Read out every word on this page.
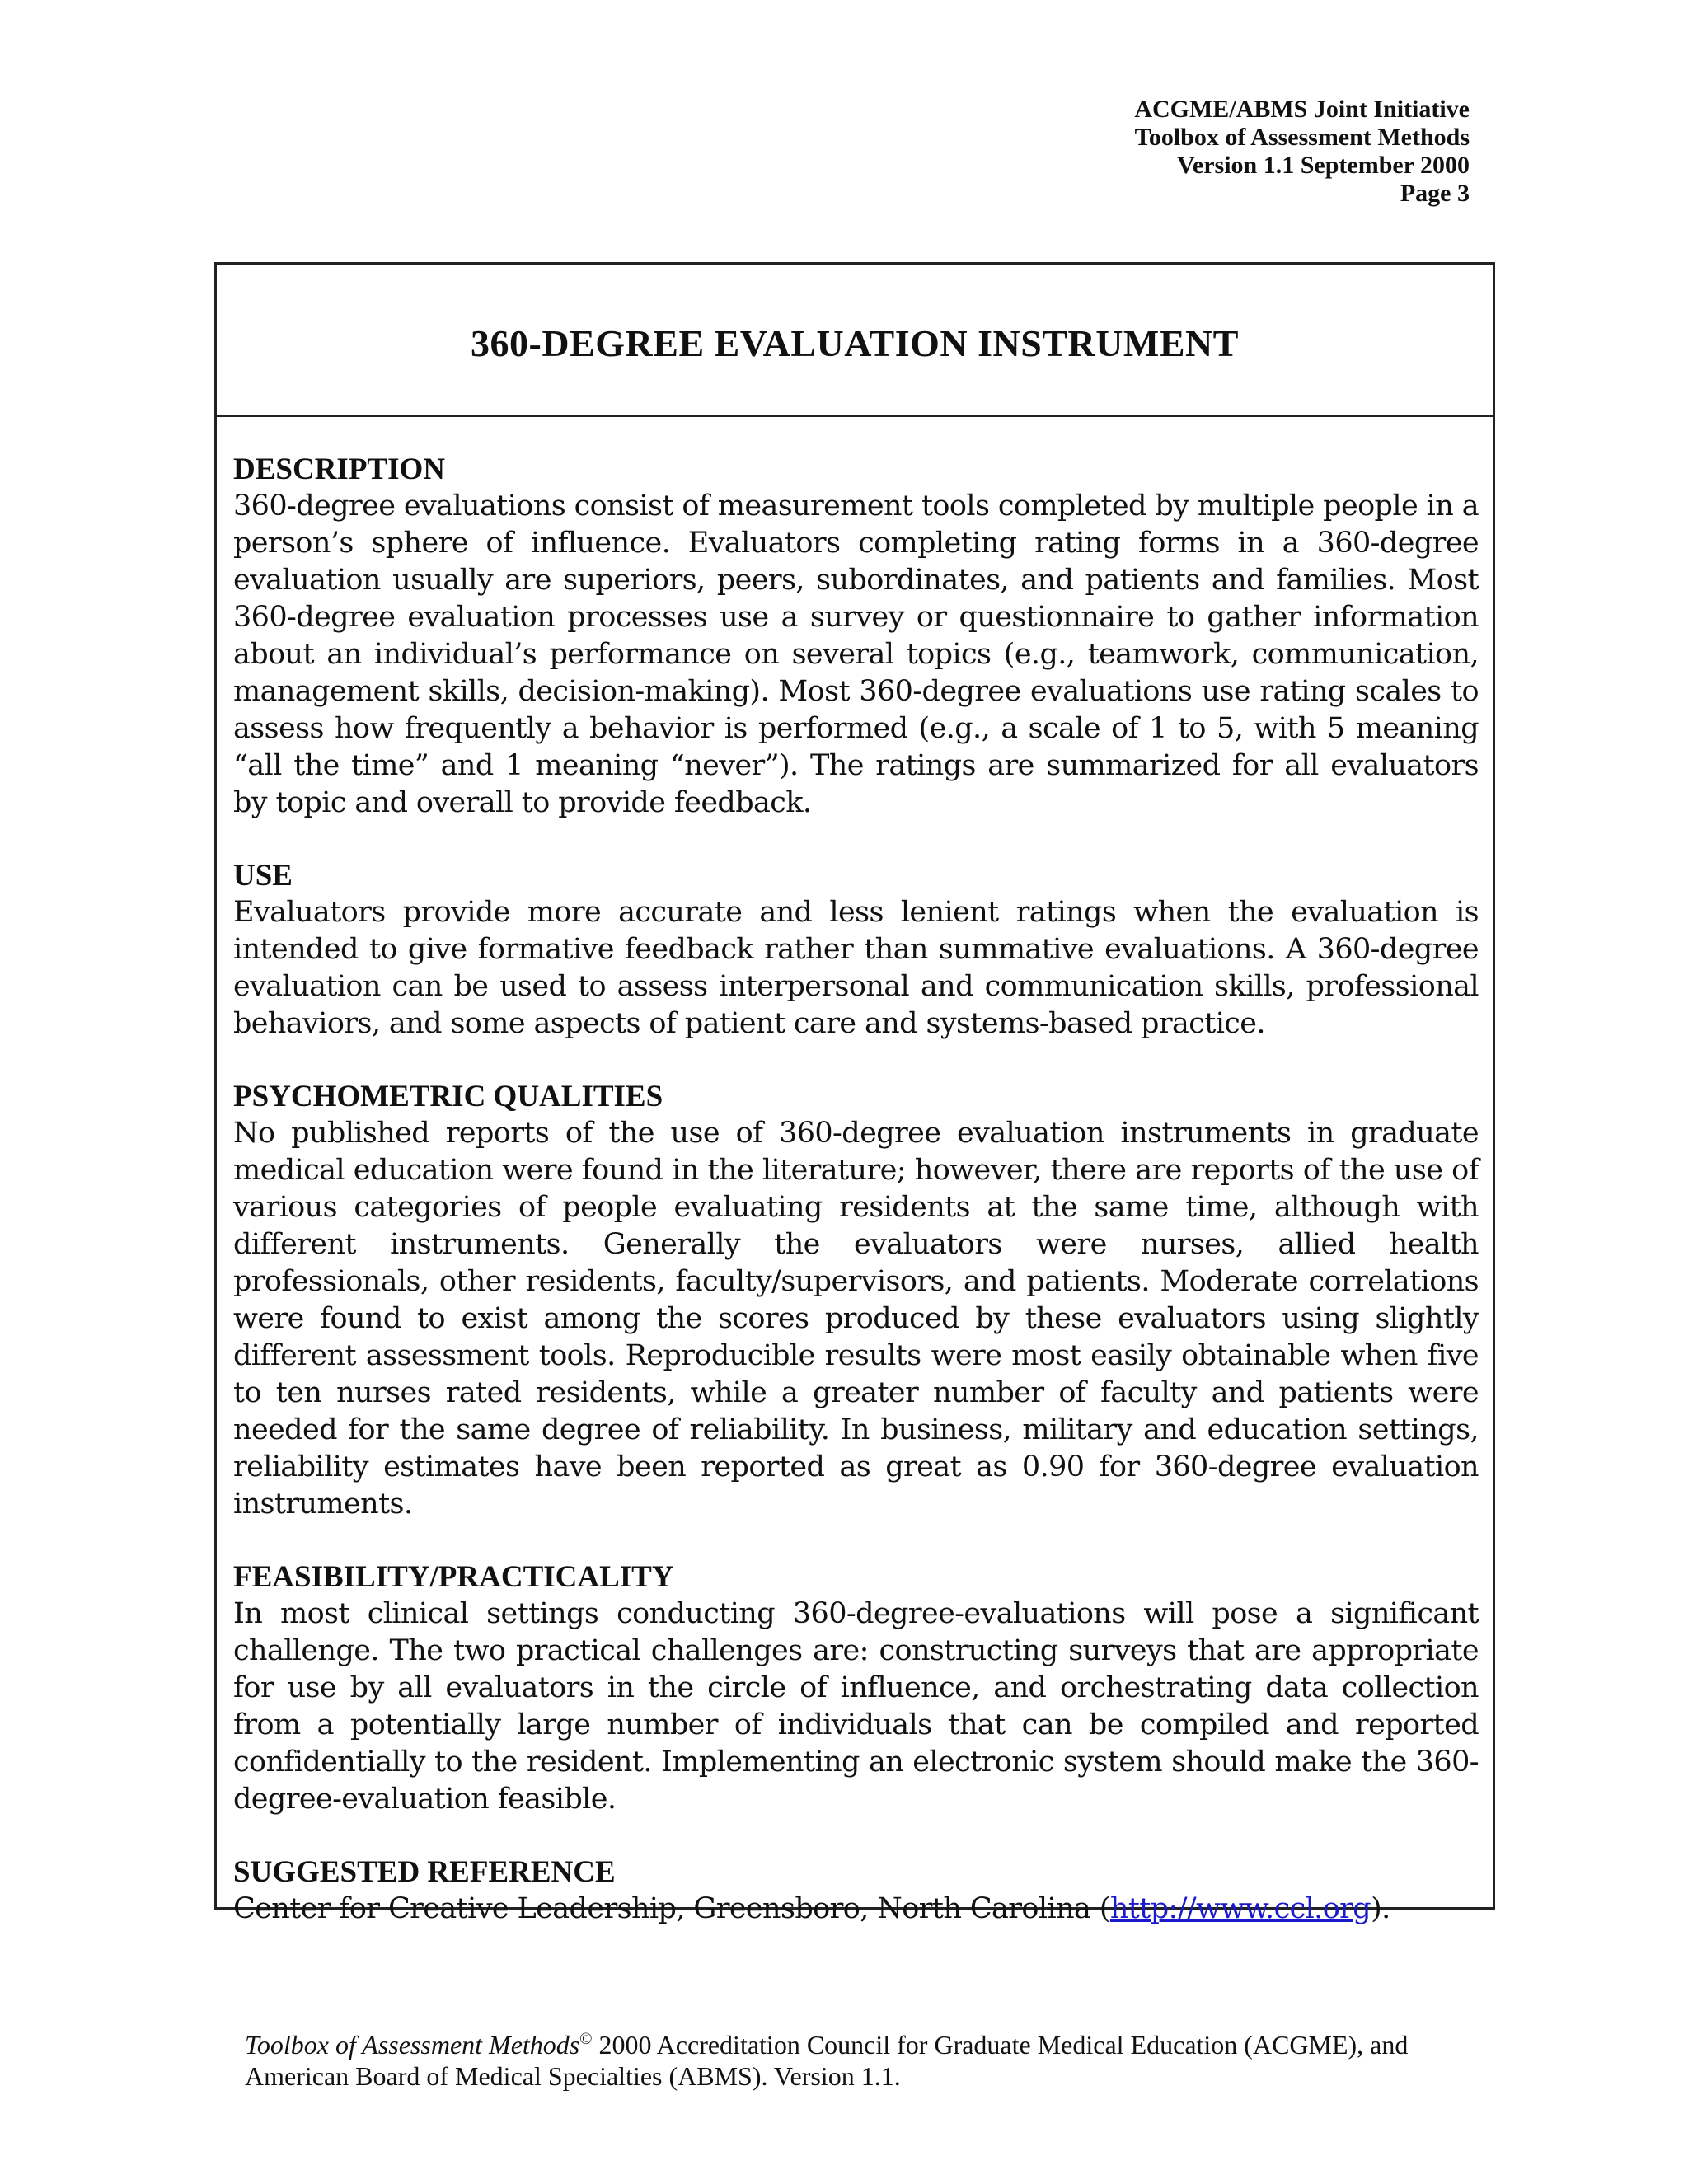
ACGME/ABMS Joint Initiative
Toolbox of Assessment Methods
Version 1.1 September 2000
Page 3
360-DEGREE EVALUATION INSTRUMENT
DESCRIPTION

360-degree evaluations consist of measurement tools completed by multiple people in a person’s sphere of influence. Evaluators completing rating forms in a 360-degree evaluation usually are superiors, peers, subordinates, and patients and families. Most 360-degree evaluation processes use a survey or questionnaire to gather information about an individual’s performance on several topics (e.g., teamwork, communication, management skills, decision-making). Most 360-degree evaluations use rating scales to assess how frequently a behavior is performed (e.g., a scale of 1 to 5, with 5 meaning “all the time” and 1 meaning “never”). The ratings are summarized for all evaluators by topic and overall to provide feedback.

USE

Evaluators provide more accurate and less lenient ratings when the evaluation is intended to give formative feedback rather than summative evaluations. A 360-degree evaluation can be used to assess interpersonal and communication skills, professional behaviors, and some aspects of patient care and systems-based practice.

PSYCHOMETRIC QUALITIES

No published reports of the use of 360-degree evaluation instruments in graduate medical education were found in the literature; however, there are reports of the use of various categories of people evaluating residents at the same time, although with different instruments. Generally the evaluators were nurses, allied health professionals, other residents, faculty/supervisors, and patients. Moderate correlations were found to exist among the scores produced by these evaluators using slightly different assessment tools. Reproducible results were most easily obtainable when five to ten nurses rated residents, while a greater number of faculty and patients were needed for the same degree of reliability. In business, military and education settings, reliability estimates have been reported as great as 0.90 for 360-degree evaluation instruments.

FEASIBILITY/PRACTICALITY

In most clinical settings conducting 360-degree-evaluations will pose a significant challenge. The two practical challenges are: constructing surveys that are appropriate for use by all evaluators in the circle of influence, and orchestrating data collection from a potentially large number of individuals that can be compiled and reported confidentially to the resident. Implementing an electronic system should make the 360-degree-evaluation feasible.

SUGGESTED REFERENCE

Center for Creative Leadership, Greensboro, North Carolina (http://www.ccl.org).

Toolbox of Assessment Methods© 2000 Accreditation Council for Graduate Medical Education (ACGME), and
American Board of Medical Specialties (ABMS). Version 1.1.
